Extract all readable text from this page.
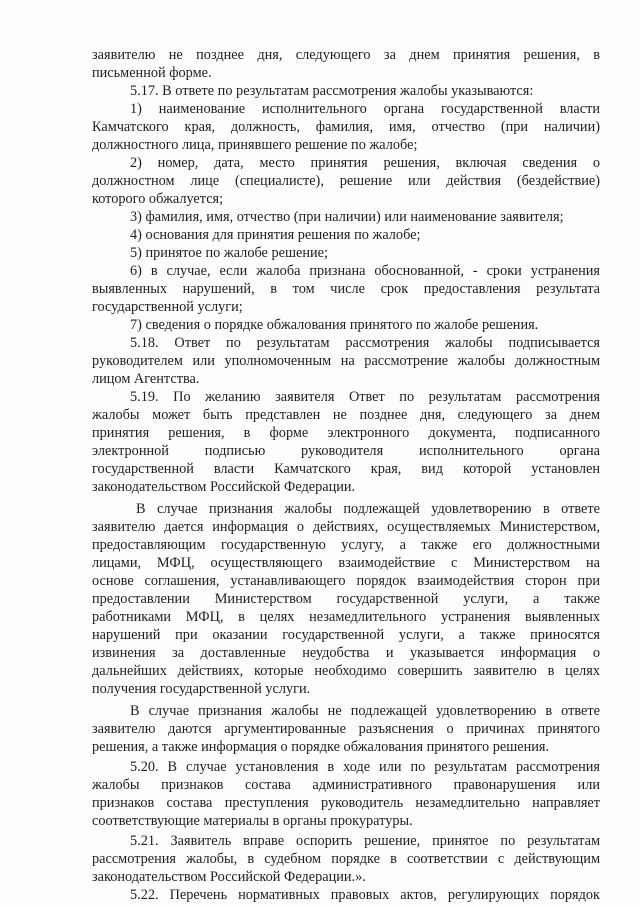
заявителю не позднее дня, следующего за днем принятия решения, в
письменной форме.
5.17. В ответе по результатам рассмотрения жалобы указываются:
1) наименование исполнительного органа государственной власти
Камчатского края, должность, фамилия, имя, отчество (при наличии)
должностного лица, принявшего решение по жалобе;
2) номер, дата, место принятия решения, включая сведения о
должностном лице (специалисте), решение или действия (бездействие)
которого обжалуется;
3) фамилия, имя, отчество (при наличии) или наименование заявителя;
4) основания для принятия решения по жалобе;
5) принятое по жалобе решение;
6) в случае, если жалоба признана обоснованной, - сроки устранения
выявленных нарушений, в том числе срок предоставления результата
государственной услуги;
7) сведения о порядке обжалования принятого по жалобе решения.
5.18. Ответ по результатам рассмотрения жалобы подписывается
руководителем или уполномоченным на рассмотрение жалобы должностным
лицом Агентства.
5.19. По желанию заявителя Ответ по результатам рассмотрения
жалобы может быть представлен не позднее дня, следующего за днем
принятия решения, в форме электронного документа, подписанного
электронной подписью руководителя исполнительного органа
государственной власти Камчатского края, вид которой установлен
законодательством Российской Федерации.
В случае признания жалобы подлежащей удовлетворению в ответе
заявителю дается информация о действиях, осуществляемых Министерством,
предоставляющим государственную услугу, а также его должностными
лицами, МФЦ, осуществляющего взаимодействие с Министерством на
основе соглашения, устанавливающего порядок взаимодействия сторон при
предоставлении Министерством государственной услуги, а также
работниками МФЦ, в целях незамедлительного устранения выявленных
нарушений при оказании государственной услуги, а также приносятся
извинения за доставленные неудобства и указывается информация о
дальнейших действиях, которые необходимо совершить заявителю в целях
получения государственной услуги.
В случае признания жалобы не подлежащей удовлетворению в ответе
заявителю даются аргументированные разъяснения о причинах принятого
решения, а также информация о порядке обжалования принятого решения.
5.20. В случае установления в ходе или по результатам рассмотрения
жалобы признаков состава административного правонарушения или
признаков состава преступления руководитель незамедлительно направляет
соответствующие материалы в органы прокуратуры.
5.21. Заявитель вправе оспорить решение, принятое по результатам
рассмотрения жалобы, в судебном порядке в соответствии с действующим
законодательством Российской Федерации.».
5.22. Перечень нормативных правовых актов, регулирующих порядок
